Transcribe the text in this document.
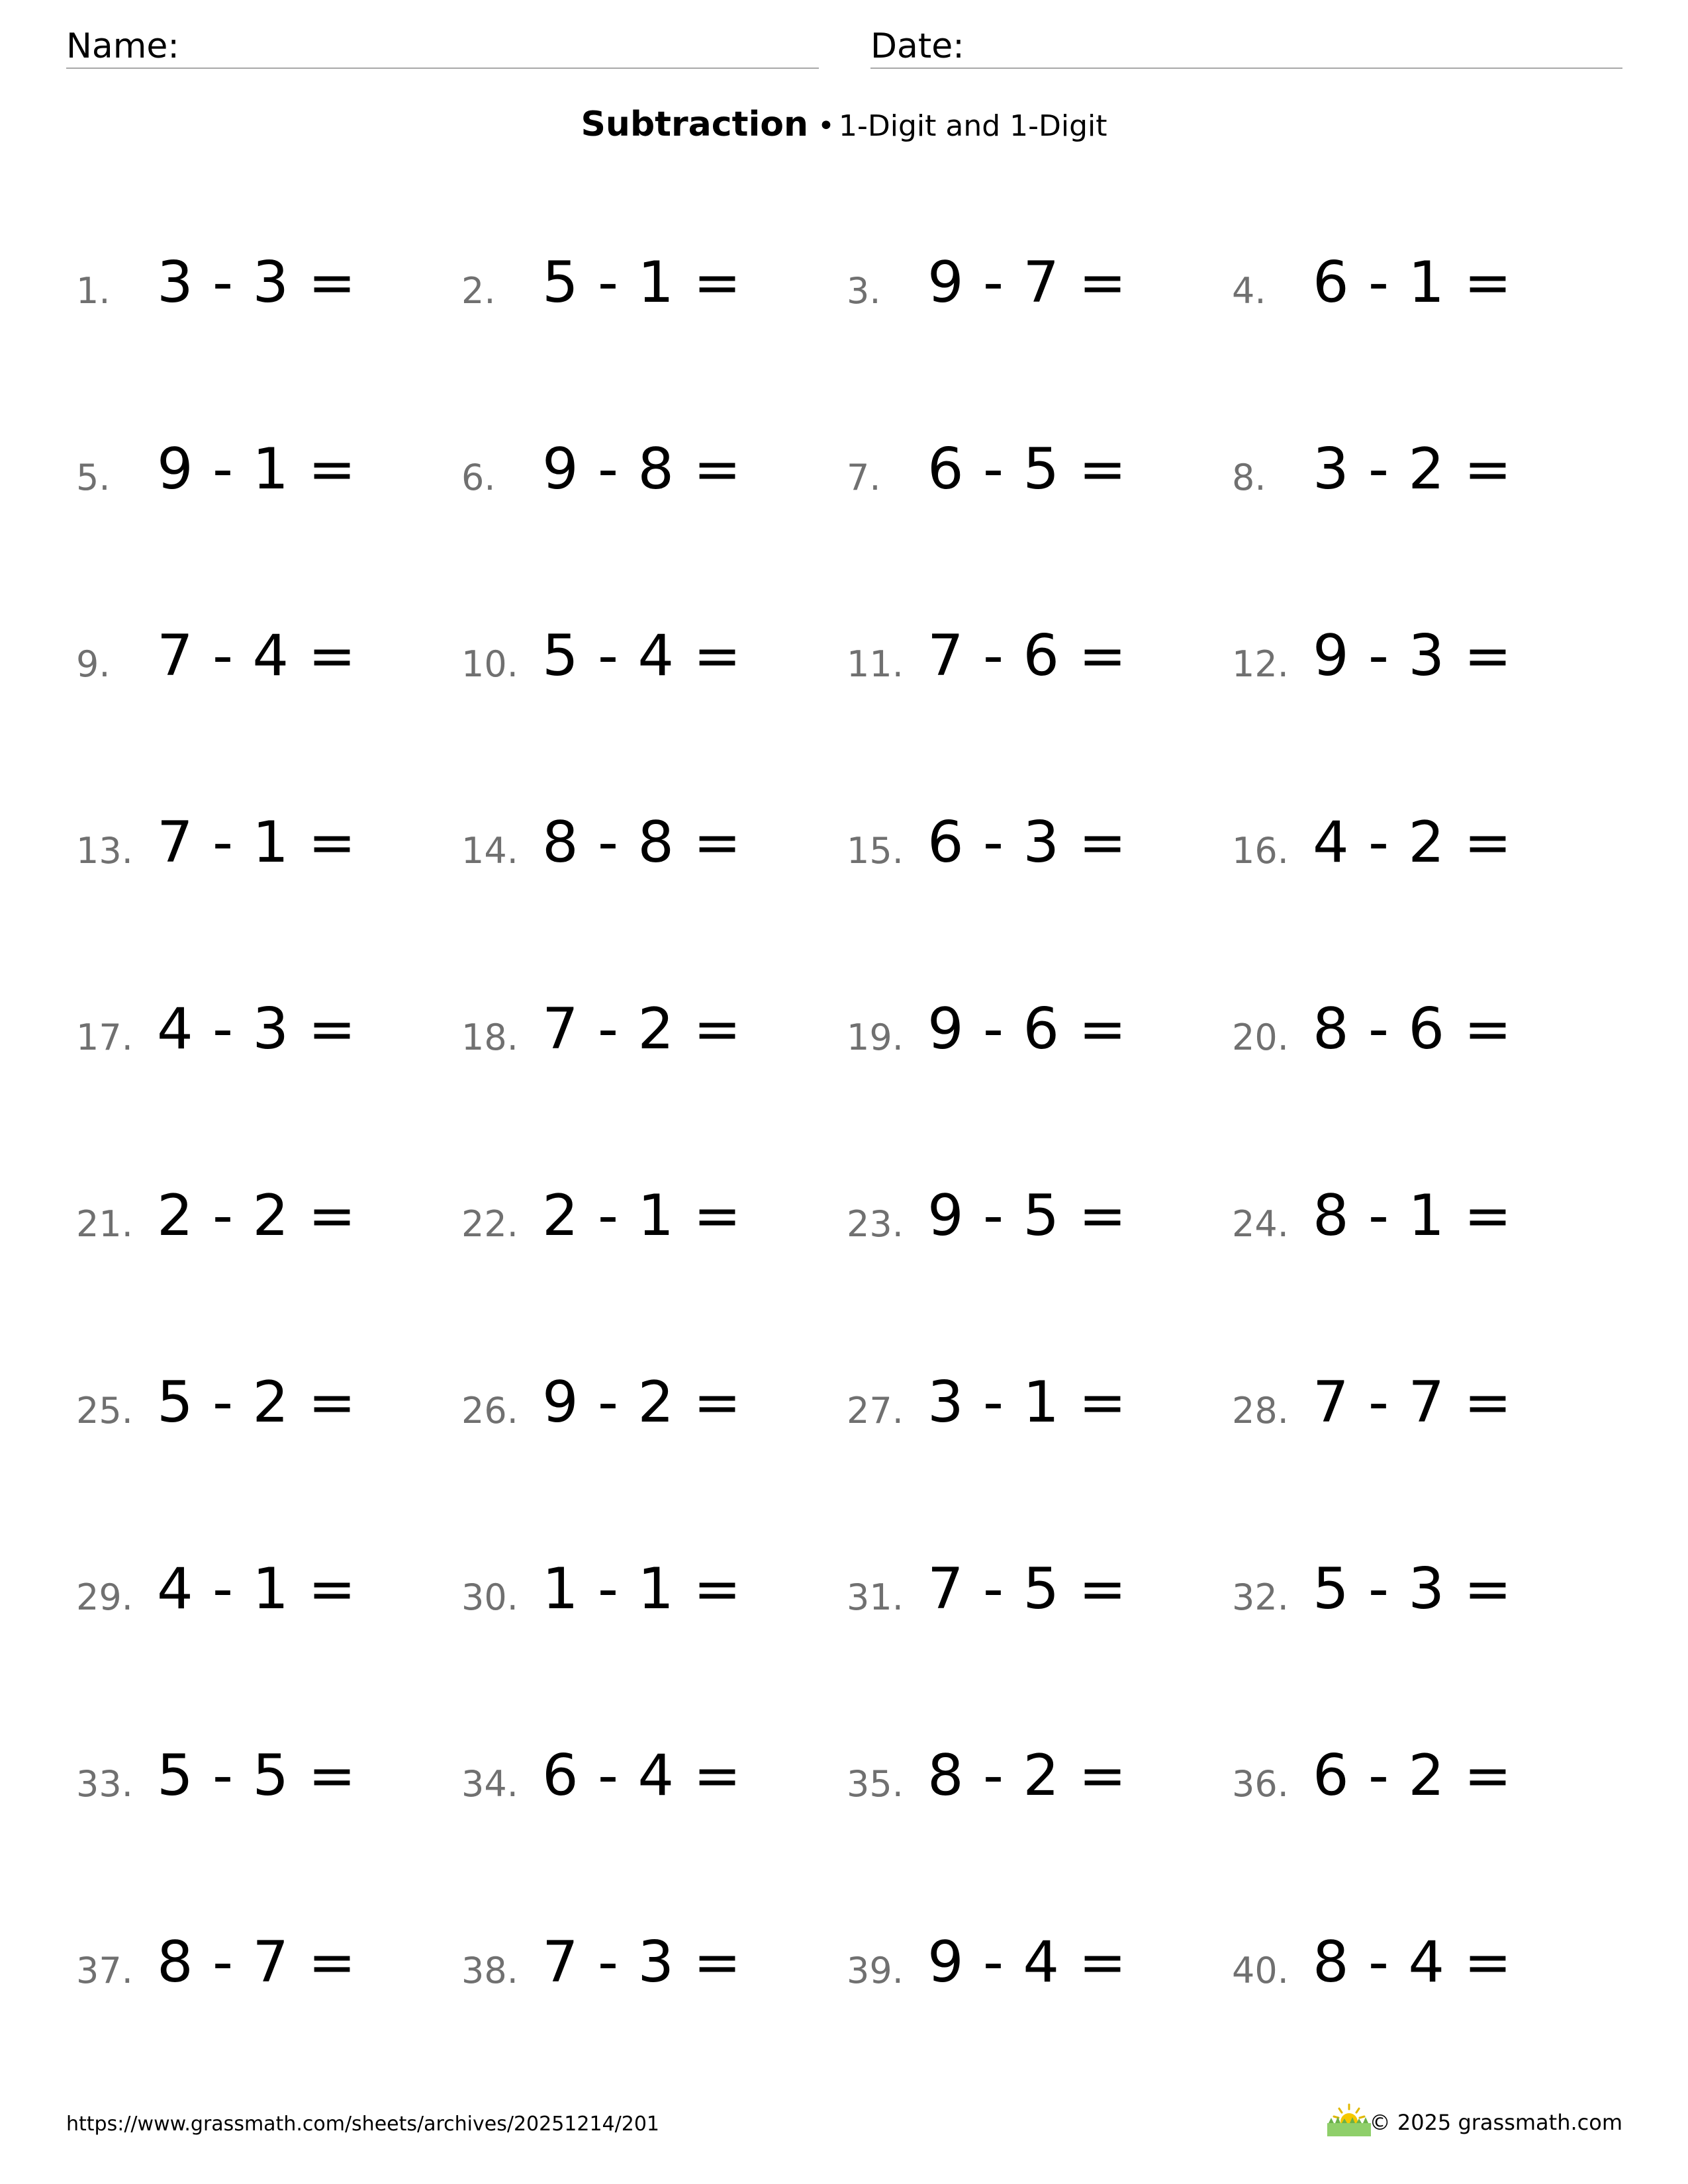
Name:	Date:
Subtraction • 1-Digit and 1-Digit
1. 3 - 3 =	2. 5 - 1 =	3. 9 - 7 =	4. 6 - 1 =
5. 9 - 1 =	6. 9 - 8 =	7. 6 - 5 =	8. 3 - 2 =
9. 7 - 4 =	10. 5 - 4 =	11. 7 - 6 =	12. 9 - 3 =
13. 7 - 1 =	14. 8 - 8 =	15. 6 - 3 =	16. 4 - 2 =
17. 4 - 3 =	18. 7 - 2 =	19. 9 - 6 =	20. 8 - 6 =
21. 2 - 2 =	22. 2 - 1 =	23. 9 - 5 =	24. 8 - 1 =
25. 5 - 2 =	26. 9 - 2 =	27. 3 - 1 =	28. 7 - 7 =
29. 4 - 1 =	30. 1 - 1 =	31. 7 - 5 =	32. 5 - 3 =
33. 5 - 5 =	34. 6 - 4 =	35. 8 - 2 =	36. 6 - 2 =
37. 8 - 7 =	38. 7 - 3 =	39. 9 - 4 =	40. 8 - 4 =
https://www.grassmath.com/sheets/archives/20251214/201	© 2025 grassmath.com
